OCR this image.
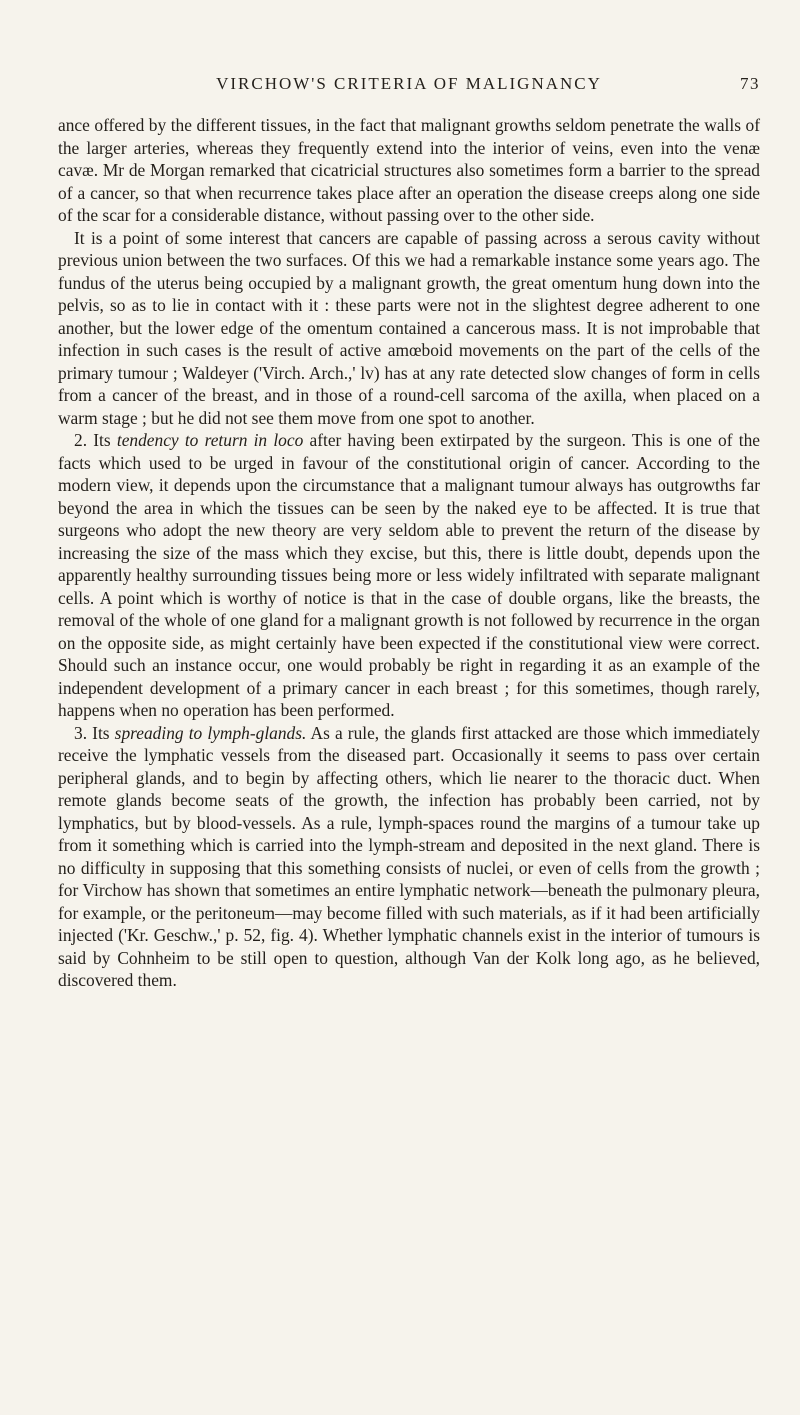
VIRCHOW'S CRITERIA OF MALIGNANCY	73

ance offered by the different tissues, in the fact that malignant growths seldom penetrate the walls of the larger arteries, whereas they frequently extend into the interior of veins, even into the venæ cavæ. Mr de Morgan remarked that cicatricial structures also sometimes form a barrier to the spread of a cancer, so that when recurrence takes place after an operation the disease creeps along one side of the scar for a considerable distance, without passing over to the other side.

It is a point of some interest that cancers are capable of passing across a serous cavity without previous union between the two surfaces. Of this we had a remarkable instance some years ago. The fundus of the uterus being occupied by a malignant growth, the great omentum hung down into the pelvis, so as to lie in contact with it : these parts were not in the slightest degree adherent to one another, but the lower edge of the omentum contained a cancerous mass. It is not improbable that infection in such cases is the result of active amœboid movements on the part of the cells of the primary tumour ; Waldeyer ('Virch. Arch.,' lv) has at any rate detected slow changes of form in cells from a cancer of the breast, and in those of a round-cell sarcoma of the axilla, when placed on a warm stage ; but he did not see them move from one spot to another.

2. Its tendency to return in loco after having been extirpated by the surgeon. This is one of the facts which used to be urged in favour of the constitutional origin of cancer. According to the modern view, it depends upon the circumstance that a malignant tumour always has outgrowths far beyond the area in which the tissues can be seen by the naked eye to be affected. It is true that surgeons who adopt the new theory are very seldom able to prevent the return of the disease by increasing the size of the mass which they excise, but this, there is little doubt, depends upon the apparently healthy surrounding tissues being more or less widely infiltrated with separate malignant cells. A point which is worthy of notice is that in the case of double organs, like the breasts, the removal of the whole of one gland for a malignant growth is not followed by recurrence in the organ on the opposite side, as might certainly have been expected if the constitutional view were correct. Should such an instance occur, one would probably be right in regarding it as an example of the independent development of a primary cancer in each breast ; for this sometimes, though rarely, happens when no operation has been performed.

3. Its spreading to lymph-glands. As a rule, the glands first attacked are those which immediately receive the lymphatic vessels from the diseased part. Occasionally it seems to pass over certain peripheral glands, and to begin by affecting others, which lie nearer to the thoracic duct. When remote glands become seats of the growth, the infection has probably been carried, not by lymphatics, but by blood-vessels. As a rule, lymph-spaces round the margins of a tumour take up from it something which is carried into the lymph-stream and deposited in the next gland. There is no difficulty in supposing that this something consists of nuclei, or even of cells from the growth ; for Virchow has shown that sometimes an entire lymphatic network—beneath the pulmonary pleura, for example, or the peritoneum—may become filled with such materials, as if it had been artificially injected ('Kr. Geschw.,' p. 52, fig. 4). Whether lymphatic channels exist in the interior of tumours is said by Cohnheim to be still open to question, although Van der Kolk long ago, as he believed, discovered them.
